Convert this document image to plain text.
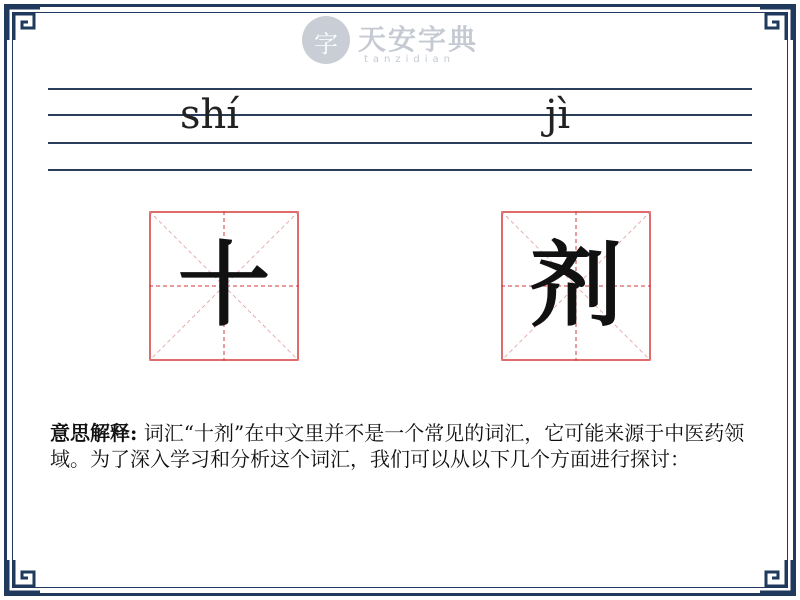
字 天安字典
tanzidian
shí	jì
十	剂
意思解释: 词汇“十剂”在中文里并不是一个常见的词汇，它可能来源于中医药领域。为了深入学习和分析这个词汇，我们可以从以下几个方面进行探讨：
